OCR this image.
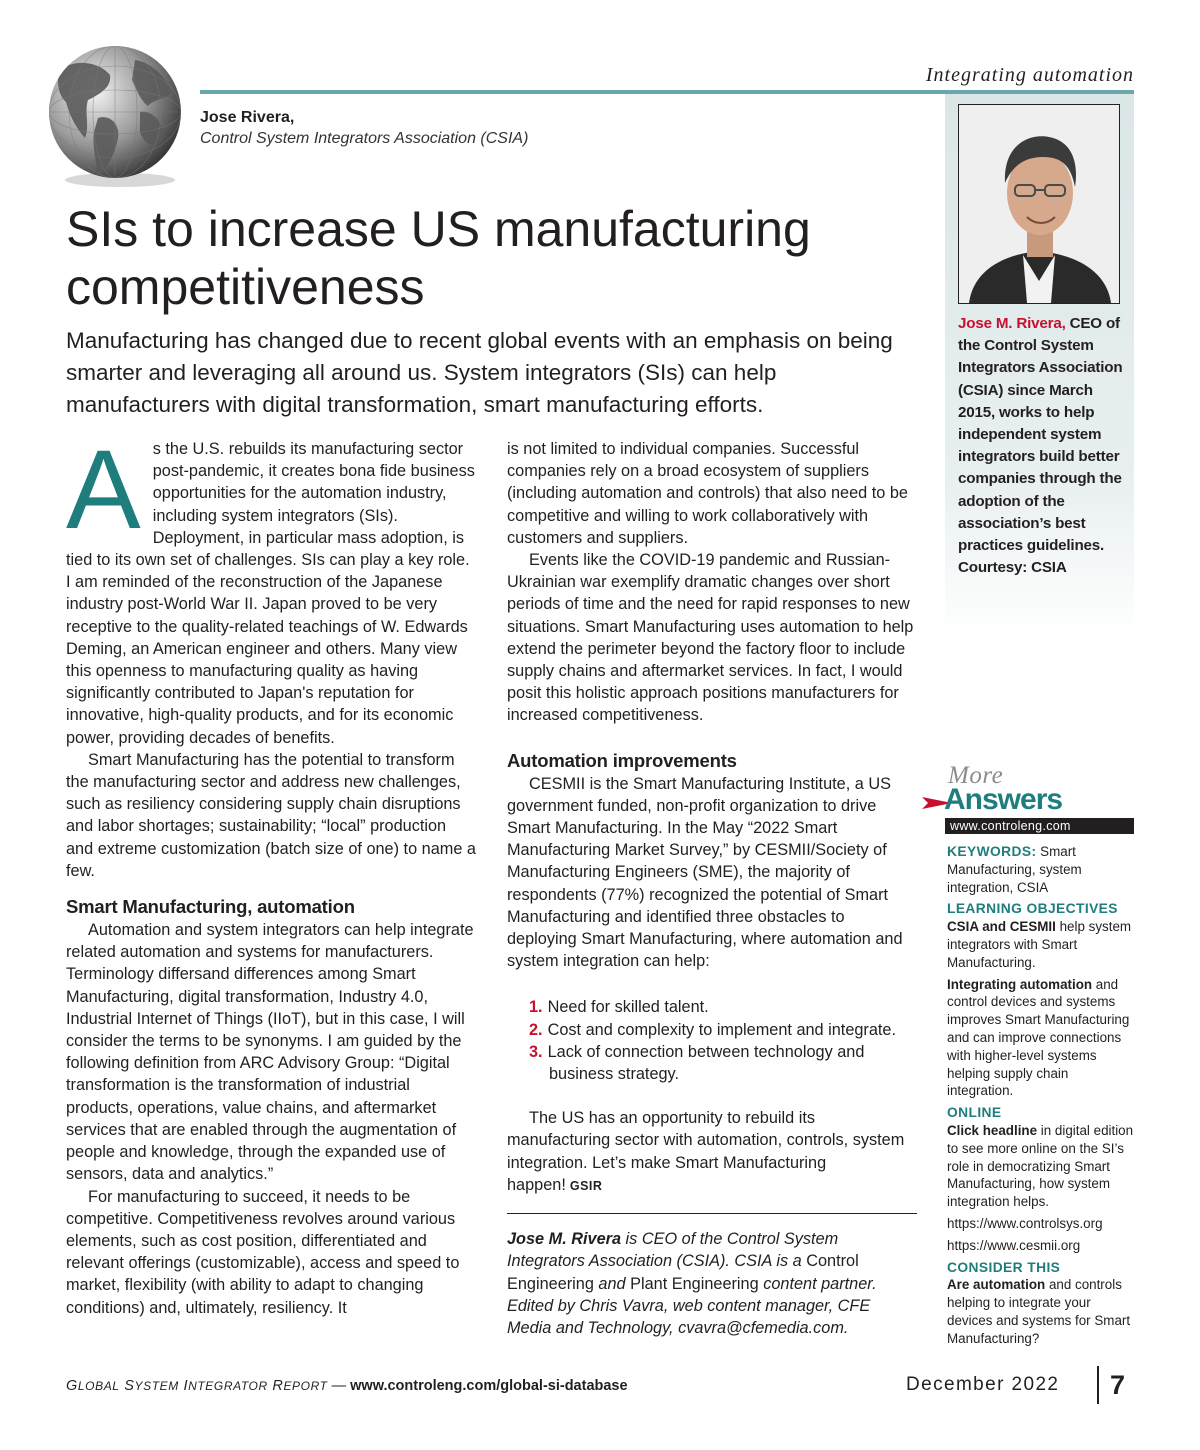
Integrating automation
Jose Rivera,
Control System Integrators Association (CSIA)
SIs to increase US manufacturing competitiveness
Manufacturing has changed due to recent global events with an emphasis on being smarter and leveraging all around us. System integrators (SIs) can help manufacturers with digital transformation, smart manufacturing efforts.

As the U.S. rebuilds its manufacturing sector post-pandemic, it creates bona fide business opportunities for the automation industry, including system integrators (SIs). Deployment, in particular mass adoption, is tied to its own set of challenges. SIs can play a key role. I am reminded of the reconstruction of the Japanese industry post-World War II. Japan proved to be very receptive to the quality-related teachings of W. Edwards Deming, an American engineer and others. Many view this openness to manufacturing quality as having significantly contributed to Japan's reputation for innovative, high-quality products, and for its economic power, providing decades of benefits.

Smart Manufacturing has the potential to transform the manufacturing sector and address new challenges, such as resiliency considering supply chain disruptions and labor shortages; sustainability; “local” production and extreme customization (batch size of one) to name a few.

Smart Manufacturing, automation

Automation and system integrators can help integrate related automation and systems for manufacturers. Terminology differsand differences among Smart Manufacturing, digital transformation, Industry 4.0, Industrial Internet of Things (IIoT), but in this case, I will consider the terms to be synonyms. I am guided by the following definition from ARC Advisory Group: “Digital transformation is the transformation of industrial products, operations, value chains, and aftermarket services that are enabled through the augmentation of people and knowledge, through the expanded use of sensors, data and analytics.”

For manufacturing to succeed, it needs to be competitive. Competitiveness revolves around various elements, such as cost position, differentiated and relevant offerings (customizable), access and speed to market, flexibility (with ability to adapt to changing conditions) and, ultimately, resiliency. It

is not limited to individual companies. Successful companies rely on a broad ecosystem of suppliers (including automation and controls) that also need to be competitive and willing to work collaboratively with customers and suppliers.

Events like the COVID-19 pandemic and Russian-Ukrainian war exemplify dramatic changes over short periods of time and the need for rapid responses to new situations. Smart Manufacturing uses automation to help extend the perimeter beyond the factory floor to include supply chains and aftermarket services. In fact, I would posit this holistic approach positions manufacturers for increased competitiveness.

Automation improvements

CESMII is the Smart Manufacturing Institute, a US government funded, non-profit organization to drive Smart Manufacturing. In the May “2022 Smart Manufacturing Market Survey,” by CESMII/Society of Manufacturing Engineers (SME), the majority of respondents (77%) recognized the potential of Smart Manufacturing and identified three obstacles to deploying Smart Manufacturing, where automation and system integration can help:

1. Need for skilled talent.
2. Cost and complexity to implement and integrate.
3. Lack of connection between technology and business strategy.

The US has an opportunity to rebuild its manufacturing sector with automation, controls, system integration. Let’s make Smart Manufacturing happen! GSIR

Jose M. Rivera is CEO of the Control System Integrators Association (CSIA). CSIA is a Control Engineering and Plant Engineering content partner. Edited by Chris Vavra, web content manager, CFE Media and Technology, cvavra@cfemedia.com.
Jose M. Rivera, CEO of the Control System Integrators Association (CSIA) since March 2015, works to help independent system integrators build better companies through the adoption of the association’s best practices guidelines. Courtesy: CSIA
More
Answers
www.controleng.com
KEYWORDS: Smart Manufacturing, system integration, CSIA
LEARNING OBJECTIVES
CSIA and CESMII help system integrators with Smart Manufacturing.
Integrating automation and control devices and systems improves Smart Manufacturing and can improve connections with higher-level systems helping supply chain integration.
ONLINE
Click headline in digital edition to see more online on the SI’s role in democratizing Smart Manufacturing, how system integration helps.
https://www.controlsys.org
https://www.cesmii.org
CONSIDER THIS
Are automation and controls helping to integrate your devices and systems for Smart Manufacturing?
GLOBAL SYSTEM INTEGRATOR REPORT — www.controleng.com/global-si-database	December 2022 7
